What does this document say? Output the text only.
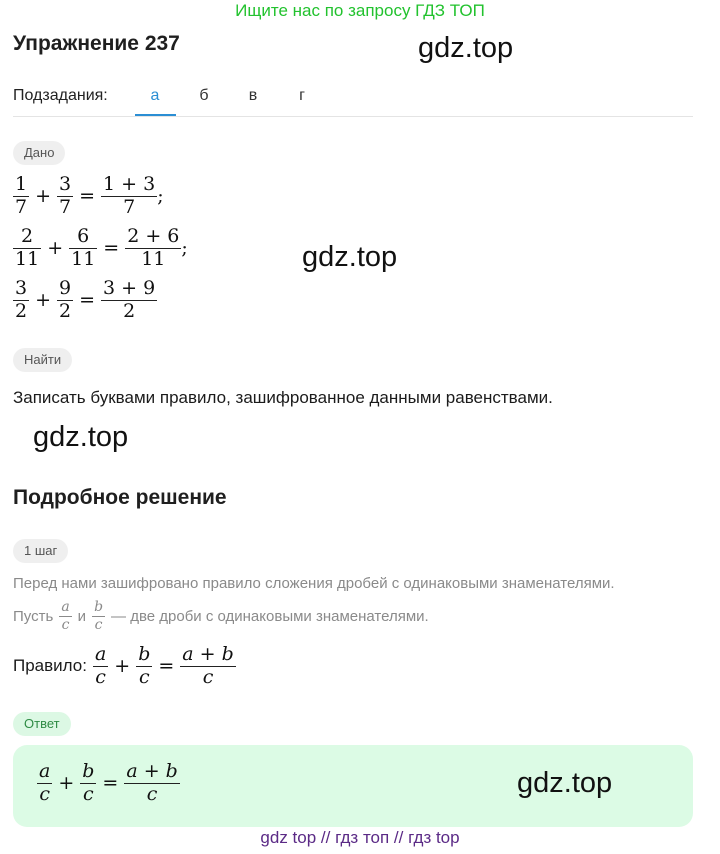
Ищите нас по запросу ГДЗ ТОП
Упражнение 237	gdz.top
Подзадания:	а	б	в	г
Дано
$\frac{1}{7} + \frac{3}{7} = \frac{1 + 3}{7}$ ;
$\frac{2}{11} + \frac{6}{11} = \frac{2 + 6}{11}$ ;
$\frac{3}{2} + \frac{9}{2} = \frac{3 + 9}{2}$
gdz.top
Найти
Записать буквами правило, зашифрованное данными равенствами.
gdz.top
Подробное решение
1 шаг
Перед нами зашифровано правило сложения дробей с одинаковыми знаменателями.
Пусть $\frac{a}{c}$ и $\frac{b}{c}$ — две дроби с одинаковыми знаменателями.
Правило: $\frac{a}{c} + \frac{b}{c} = \frac{a + b}{c}$
Ответ
$\frac{a}{c} + \frac{b}{c} = \frac{a + b}{c}$	gdz.top
gdz top // гдз топ // гдз top
